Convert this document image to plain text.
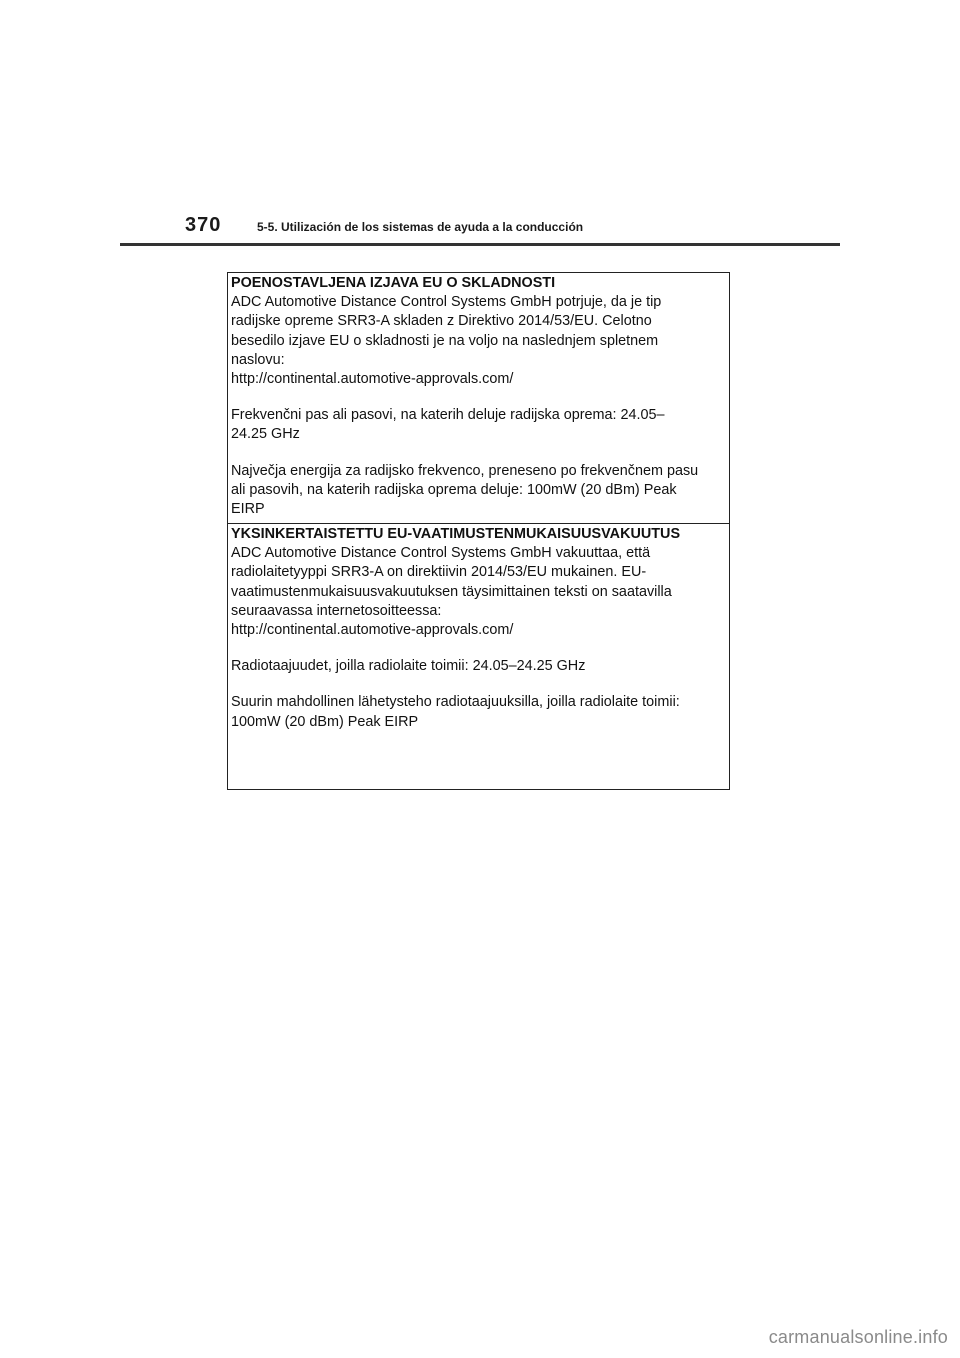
370	5-5. Utilización de los sistemas de ayuda a la conducción

POENOSTAVLJENA IZJAVA EU O SKLADNOSTI

ADC Automotive Distance Control Systems GmbH potrjuje, da je tip

radijske opreme SRR3-A skladen z Direktivo 2014/53/EU. Celotno

besedilo izjave EU o skladnosti je na voljo na naslednjem spletnem

naslovu:

http://continental.automotive-approvals.com/

Frekvenčni pas ali pasovi, na katerih deluje radijska oprema: 24.05–

24.25 GHz

Največja energija za radijsko frekvenco, preneseno po frekvenčnem pasu

ali pasovih, na katerih radijska oprema deluje: 100mW (20 dBm) Peak

EIRP

YKSINKERTAISTETTU EU-VAATIMUSTENMUKAISUUSVAKUUTUS

ADC Automotive Distance Control Systems GmbH vakuuttaa, että

radiolaitetyyppi SRR3-A on direktiivin 2014/53/EU mukainen. EU-

vaatimustenmukaisuusvakuutuksen täysimittainen teksti on saatavilla

seuraavassa internetosoitteessa:

http://continental.automotive-approvals.com/

Radiotaajuudet, joilla radiolaite toimii: 24.05–24.25 GHz

Suurin mahdollinen lähetysteho radiotaajuuksilla, joilla radiolaite toimii:

100mW (20 dBm) Peak EIRP

carmanualsonline.info
